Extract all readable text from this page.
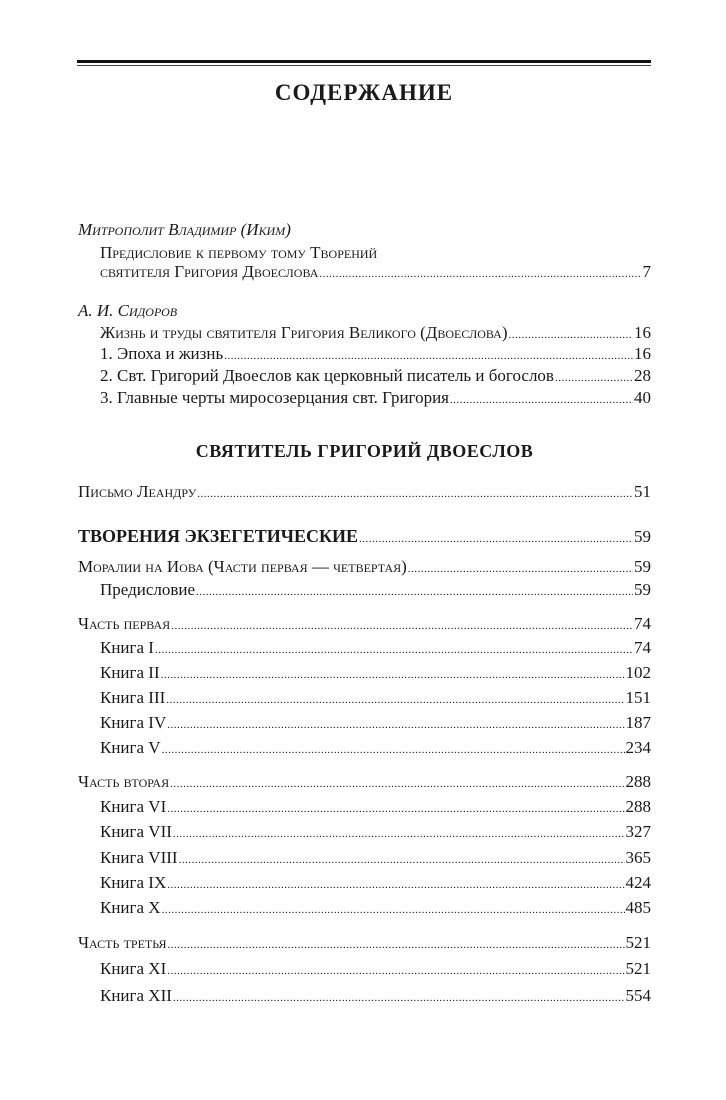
СОДЕРЖАНИЕ
Митрополит Владимир (Иким)
Предисловие к первому тому Творений
святителя Григория Двоеслова .....	7
А. И. Сидоров
Жизнь и труды святителя Григория Великого (Двоеслова) .....	16
1. Эпоха и жизнь .....	16
2. Свт. Григорий Двоеслов как церковный писатель и богослов .....	28
3. Главные черты миросозерцания свт. Григория .....	40
СВЯТИТЕЛЬ ГРИГОРИЙ ДВОЕСЛОВ
Письмо Леандру .....	51
ТВОРЕНИЯ ЭКЗЕГЕТИЧЕСКИЕ .....	59
Моралии на Иова (Части первая — четвертая) .....	59
Предисловие .....	59
Часть первая .....	74
Книга I .....	74
Книга II .....	102
Книга III .....	151
Книга IV .....	187
Книга V .....	234
Часть вторая .....	288
Книга VI .....	288
Книга VII .....	327
Книга VIII .....	365
Книга IX .....	424
Книга X .....	485
Часть третья .....	521
Книга XI .....	521
Книга XII .....	554
